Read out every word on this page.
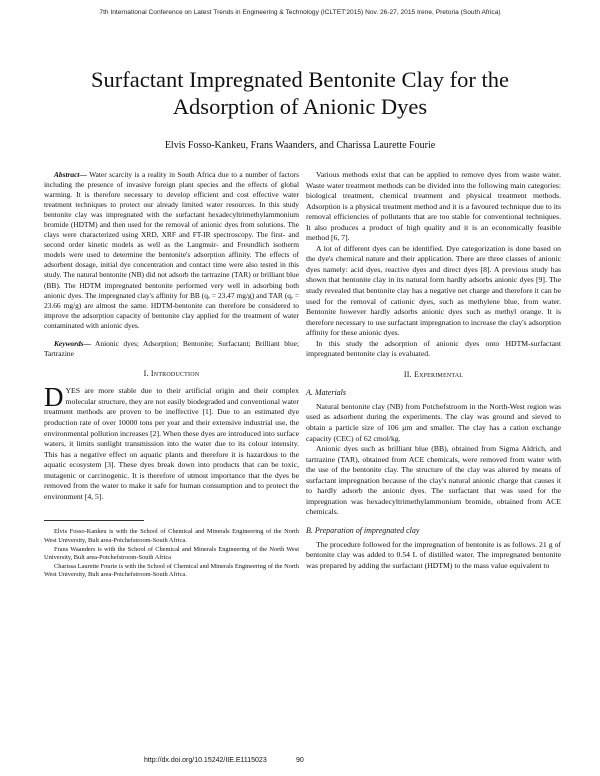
7th International Conference on Latest Trends in Engineering & Technology (ICLTET'2015) Nov. 26-27, 2015 Irene, Pretoria (South Africa)
Surfactant Impregnated Bentonite Clay for the Adsorption of Anionic Dyes
Elvis Fosso-Kankeu, Frans Waanders, and Charissa Laurette Fourie

Abstract— Water scarcity is a reality in South Africa due to a number of factors including the presence of invasive foreign plant species and the effects of global warming. It is therefore necessary to develop efficient and cost effective water treatment techniques to protect our already limited water resources. In this study bentonite clay was impregnated with the surfactant hexadecyltrimethylammonium bromide (HDTM) and then used for the removal of anionic dyes from solutions. The clays were characterized using XRD, XRF and FT-IR spectroscopy. The first- and second order kinetic models as well as the Langmuir- and Freundlich isotherm models were used to determine the bentonite's adsorption affinity. The effects of adsorbent dosage, initial dye concentration and contact time were also tested in this study. The natural bentonite (NB) did not adsorb the tartrazine (TAR) or brilliant blue (BB). The HDTM impregnated bentonite performed very well in adsorbing both anionic dyes. The impregnated clay's affinity for BB (qₑ = 23.47 mg/g) and TAR (qₑ = 23.66 mg/g) are almost the same. HDTM-bentonite can therefore be considered to improve the adsorption capacity of bentonite clay applied for the treatment of water contaminated with anionic dyes.

Keywords— Anionic dyes; Adsorption; Bentonite; Surfactant; Brilliant blue; Tartrazine

I. Introduction

DYES are more stable due to their artificial origin and their complex molecular structure, they are not easily biodegraded and conventional water treatment methods are proven to be ineffective [1]. Due to an estimated dye production rate of over 10000 tons per year and their extensive industrial use, the environmental pollution increases [2]. When these dyes are introduced into surface waters, it limits sunlight transmission into the water due to its colour intensity. This has a negative effect on aquatic plants and therefore it is hazardous to the aquatic ecosystem [3]. These dyes break down into products that can be toxic, mutagenic or carcinogenic. It is therefore of utmost importance that the dyes be removed from the water to make it safe for human consumption and to protect the environment [4, 5].

Elvis Fosso-Kankeu is with the School of Chemical and Minerals Engineering of the North West University, Bult area-Potchefstroom-South Africa.

Frans Waanders is with the School of Chemical and Minerals Engineering of the North West University, Bult area-Potchefstroom-South Africa

Charissa Laurette Fourie is with the School of Chemical and Minerals Engineering of the North West University, Bult area-Potchefstroom-South Africa.

Various methods exist that can be applied to remove dyes from waste water. Waste water treatment methods can be divided into the following main categories: biological treatment, chemical treatment and physical treatment methods. Adsorption is a physical treatment method and it is a favoured technique due to its removal efficiencies of pollutants that are too stable for conventional techniques. It also produces a product of high quality and it is an economically feasible method [6, 7].

A lot of different dyes can be identified. Dye categorization is done based on the dye's chemical nature and their application. There are three classes of anionic dyes namely: acid dyes, reactive dyes and direct dyes [8]. A previous study has shown that bentonite clay in its natural form hardly adsorbs anionic dyes [9]. The study revealed that bentonite clay has a negative net charge and therefore it can be used for the removal of cationic dyes, such as methylene blue, from water. Bentonite however hardly adsorbs anionic dyes such as methyl orange. It is therefore necessary to use surfactant impregnation to increase the clay's adsorption affinity for these anionic dyes.

In this study the adsorption of anionic dyes onto HDTM-surfactant impregnated bentonite clay is evaluated.

II. Experimental
A. Materials

Natural bentonite clay (NB) from Potchefstroom in the North-West region was used as adsorbent during the experiments. The clay was ground and sieved to obtain a particle size of 106 µm and smaller. The clay has a cation exchange capacity (CEC) of 62 cmol/kg.

Anionic dyes such as brilliant blue (BB), obtained from Sigma Aldrich, and tartrazine (TAR), obtained from ACE chemicals, were removed from water with the use of the bentonite clay. The structure of the clay was altered by means of surfactant impregnation because of the clay's natural anionic charge that causes it to hardly adsorb the anionic dyes. The surfactant that was used for the impregnation was hexadecyltrimethylammonium bromide, obtained from ACE chemicals.

B. Preparation of impregnated clay

The procedure followed for the impregnation of bentonite is as follows. 21 g of bentonite clay was added to 0.54 L of distilled water. The impregnated bentonite was prepared by adding the surfactant (HDTM) to the mass value equivalent to

http://dx.doi.org/10.15242/IIE.E1115023	90
